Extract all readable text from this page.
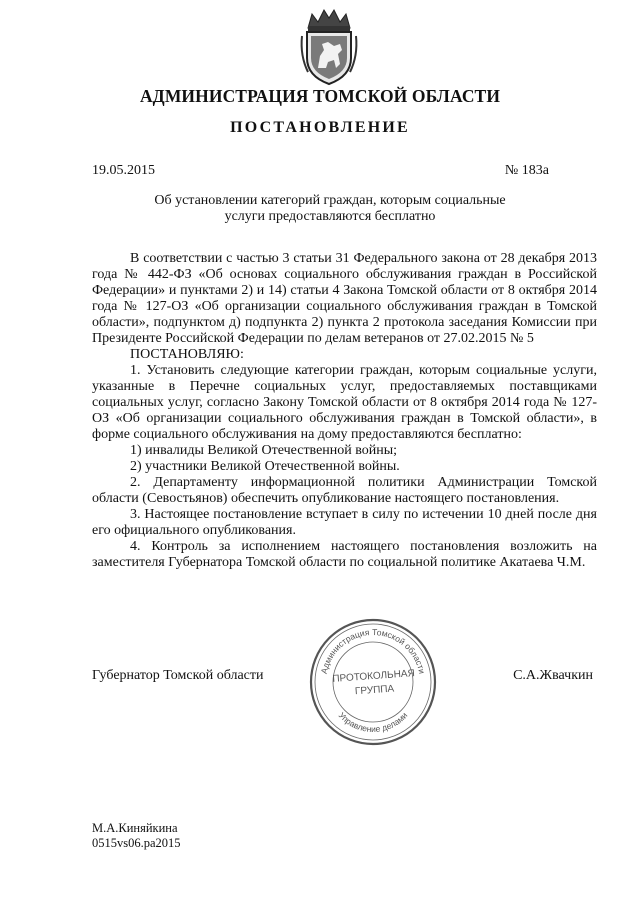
АДМИНИСТРАЦИЯ ТОМСКОЙ ОБЛАСТИ
ПОСТАНОВЛЕНИЕ
19.05.2015	№ 183а
Об установлении категорий граждан, которым социальные
услуги предоставляются бесплатно

В соответствии с частью 3 статьи 31 Федерального закона от 28 декабря 2013 года № 442-ФЗ «Об основах социального обслуживания граждан в Российской Федерации» и пунктами 2) и 14) статьи 4 Закона Томской области от 8 октября 2014 года № 127-ОЗ «Об организации социального обслуживания граждан в Томской области», подпунктом д) подпункта 2) пункта 2 протокола заседания Комиссии при Президенте Российской Федерации по делам ветеранов от 27.02.2015 № 5

ПОСТАНОВЛЯЮ:

1. Установить следующие категории граждан, которым социальные услуги, указанные в Перечне социальных услуг, предоставляемых поставщиками социальных услуг, согласно Закону Томской области от 8 октября 2014 года № 127-ОЗ «Об организации социального обслуживания граждан в Томской области», в форме социального обслуживания на дому предоставляются бесплатно:

1) инвалиды Великой Отечественной войны;

2) участники Великой Отечественной войны.

2. Департаменту информационной политики Администрации Томской области (Севостьянов) обеспечить опубликование настоящего постановления.

3. Настоящее постановление вступает в силу по истечении 10 дней после дня его официального опубликования.

4. Контроль за исполнением настоящего постановления возложить на заместителя Губернатора Томской области по социальной политике Акатаева Ч.М.

Губернатор Томской области	С.А.Жвачкин
Администрация Томской области
Управление делами
ПРОТОКОЛЬНАЯ
ГРУППА
М.А.Киняйкина
0515vs06.pa2015
